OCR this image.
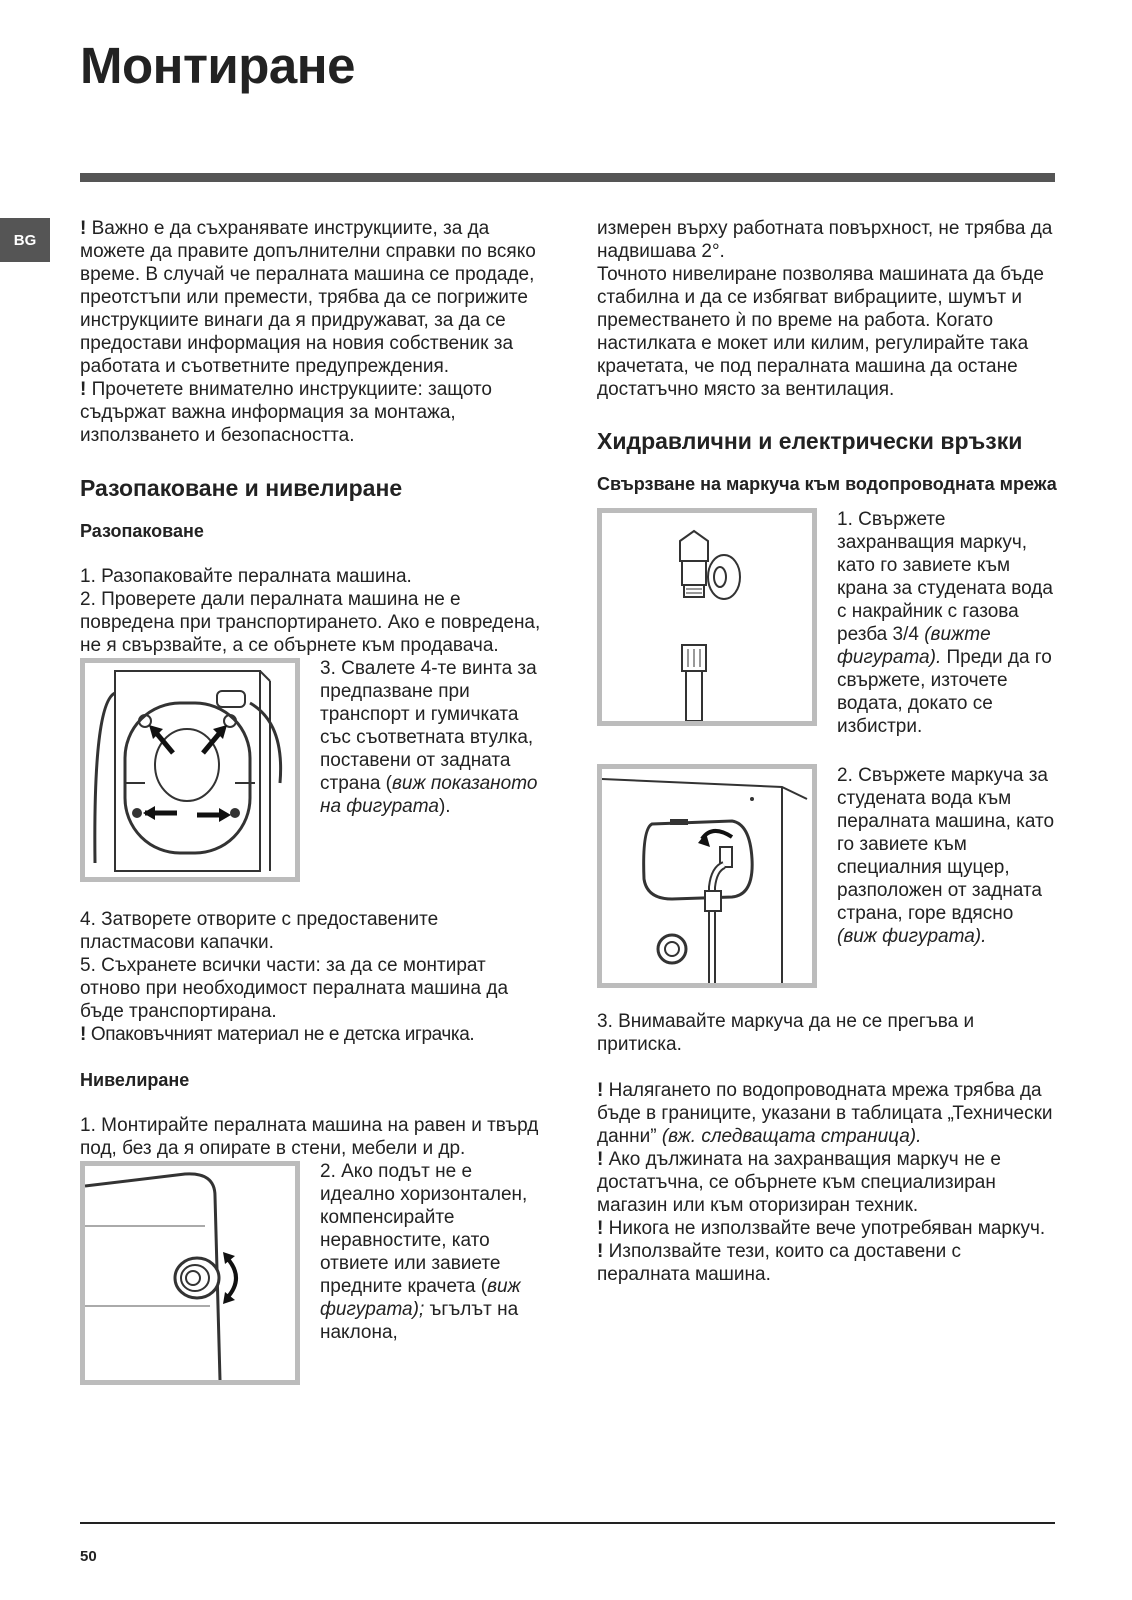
Монтиране
BG

! Важно е да съхранявате инструкциите, за да можете да правите допълнителни справки по всяко време. В случай че пералната машина се продаде, преотстъпи или премести, трябва да се погрижите инструкциите винаги да я придружават, за да се предостави информация на новия собственик за работата и съответните предупреждения.

! Прочетете внимателно инструкциите: защото съдържат важна информация за монтажа, използването и безопасността.

Разопаковане и нивелиране

Разопаковане

1. Разопаковайте пералната машина.

2. Проверете дали пералната машина не е повредена при транспортирането. Ако е повредена, не я свързвайте, а се обърнете към продавача.

3. Свалете 4-те винта за предпазване при транспорт и гумичката със съответната втулка, поставени от задната страна (виж показаното на фигурата).

4. Затворете отворите с предоставените пластмасови капачки.

5. Съхранете всички части: за да се монтират отново при необходимост пералната машина да бъде транспортирана.

! Опаковъчният материал не е детска играчка.

Нивелиране

1. Монтирайте пералната машина на равен и твърд под, без да я опирате в стени, мебели и др.

2. Ако подът не е идеално хоризонтален, компенсирайте неравностите, като отвиете или завиете предните крачета (виж фигурата); ъгълът на наклона,

измерен върху работната повърхност, не трябва да надвишава 2°.

Точното нивелиране позволява машината да бъде стабилна и да се избягват вибрациите, шумът и преместването ѝ по време на работа. Когато настилката е мокет или килим, регулирайте така крачетата, че под пералната машина да остане достатъчно място за вентилация.

Хидравлични и електрически връзки

Свързване на маркуча към водопроводната мрежа

1. Свържете захранващия маркуч, като го завиете към крана за студената вода с накрайник с газова резба 3/4 (вижте фигурата). Преди да го свържете, източете водата, докато се избистри.

2. Свържете маркуча за студената вода към пералната машина, като го завиете към специалния щуцер, разположен от задната страна, горе вдясно (виж фигурата).

3. Внимавайте маркуча да не се прегъва и притиска.

! Налягането по водопроводната мрежа трябва да бъде в границите, указани в таблицата „Технически данни” (вж. следващата страница).

! Ако дължината на захранващия маркуч не е достатъчна, се обърнете към специализиран магазин или към оторизиран техник.

! Никога не използвайте вече употребяван маркуч.

! Използвайте тези, които са доставени с пералната машина.

50
